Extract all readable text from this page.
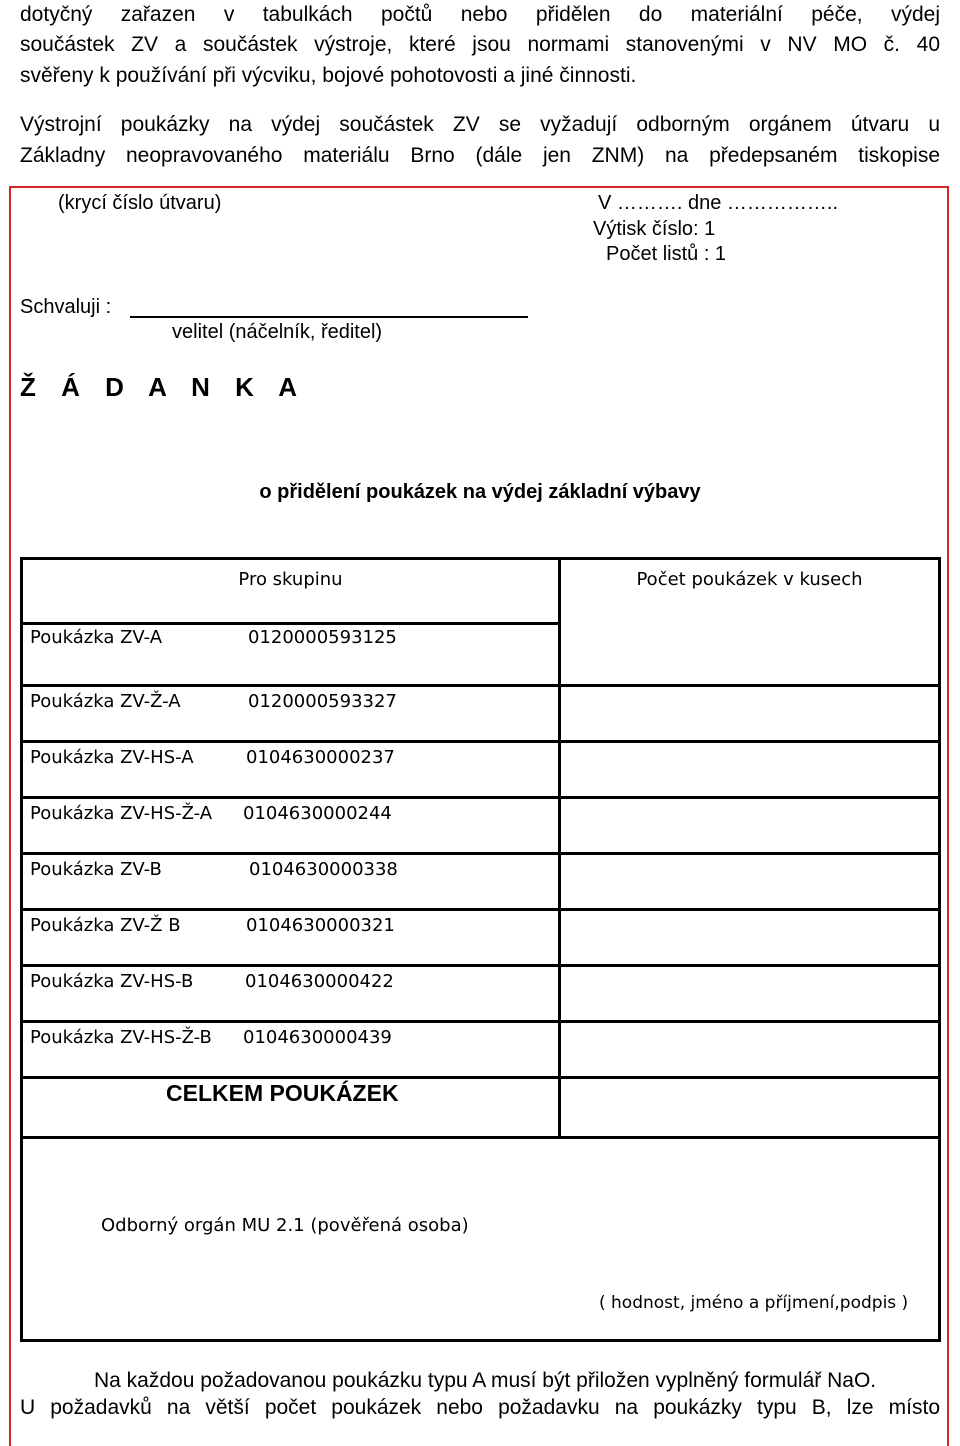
dotyčný zařazen v tabulkách počtů nebo přidělen do materiální péče, výdej
součástek ZV a součástek výstroje, které jsou normami stanovenými v NV MO č. 40
svěřeny k používání při výcviku, bojové pohotovosti a jiné činnosti.
Výstrojní poukázky na výdej součástek ZV se vyžadují odborným orgánem útvaru u
Základny neopravovaného materiálu Brno (dále jen ZNM) na předepsaném tiskopise
(krycí číslo útvaru)	V ………. dne ……………..
Výtisk číslo: 1
Počet listů : 1
Schvaluji :
velitel (náčelník, ředitel)
Ž Á D A N K A
o přidělení poukázek na výdej základní výbavy
Pro skupinu	Počet poukázek v kusech
Poukázka ZV-A	0120000593125
Poukázka ZV-Ž-A	0120000593327
Poukázka ZV-HS-A	0104630000237
Poukázka ZV-HS-Ž-A 0104630000244
Poukázka ZV-B	0104630000338
Poukázka ZV-Ž B	0104630000321
Poukázka ZV-HS-B	0104630000422
Poukázka ZV-HS-Ž-B 0104630000439
CELKEM POUKÁZEK
Odborný orgán MU 2.1 (pověřená osoba)
( hodnost, jméno a příjmení,podpis )
Na každou požadovanou poukázku typu A musí být přiložen vyplněný formulář NaO.
U požadavků na větší počet poukázek nebo požadavku na poukázky typu B, lze místo
